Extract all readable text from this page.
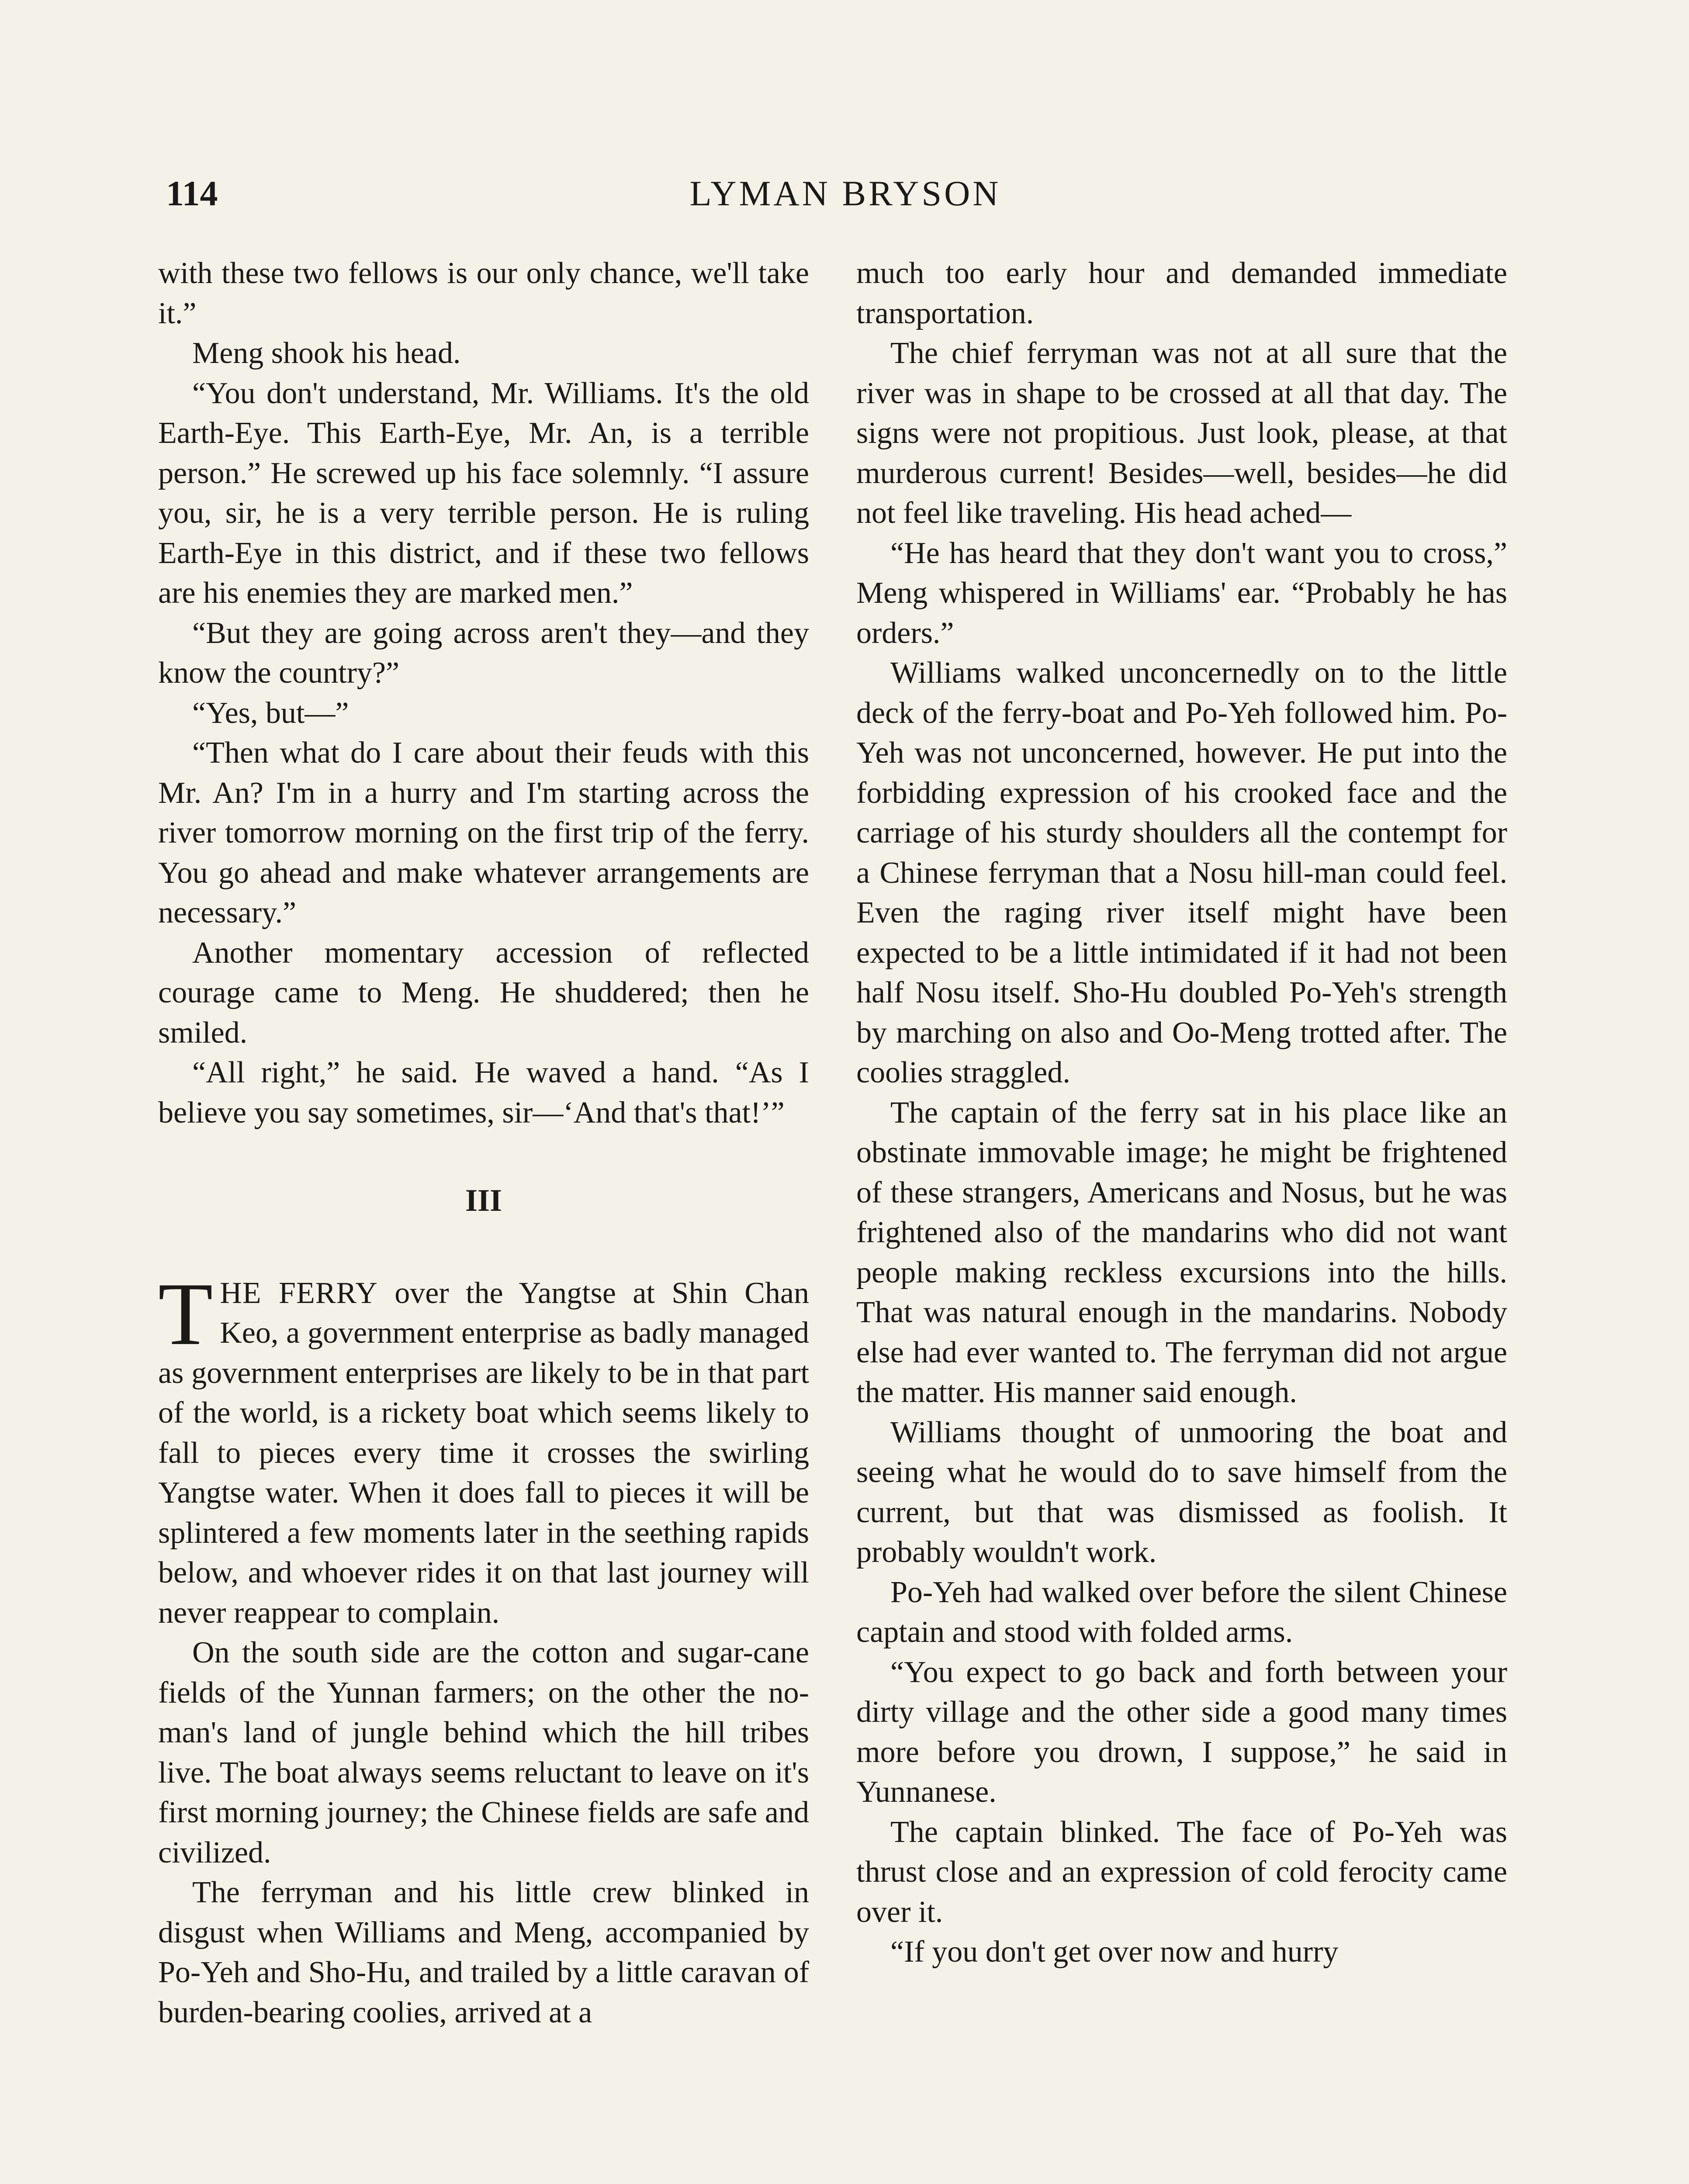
114	LYMAN BRYSON

with these two fellows is our only chance, we'll take it.”

Meng shook his head.

“You don't understand, Mr. Williams. It's the old Earth-Eye. This Earth-Eye, Mr. An, is a terrible person.” He screwed up his face solemnly. “I assure you, sir, he is a very terrible person. He is ruling Earth-Eye in this district, and if these two fellows are his enemies they are marked men.”

“But they are going across aren't they—and they know the country?”

“Yes, but—”

“Then what do I care about their feuds with this Mr. An? I'm in a hurry and I'm starting across the river tomorrow morning on the first trip of the ferry. You go ahead and make whatever arrangements are necessary.”

Another momentary accession of reflected courage came to Meng. He shuddered; then he smiled.

“All right,” he said. He waved a hand. “As I believe you say sometimes, sir—‘And that's that!’”

III

THE FERRY over the Yangtse at Shin Chan Keo, a government enterprise as badly managed as government enterprises are likely to be in that part of the world, is a rickety boat which seems likely to fall to pieces every time it crosses the swirling Yangtse water. When it does fall to pieces it will be splintered a few moments later in the seething rapids below, and whoever rides it on that last journey will never reappear to complain.

On the south side are the cotton and sugar-cane fields of the Yunnan farmers; on the other the no-man's land of jungle behind which the hill tribes live. The boat always seems reluctant to leave on it's first morning journey; the Chinese fields are safe and civilized.

The ferryman and his little crew blinked in disgust when Williams and Meng, accompanied by Po-Yeh and Sho-Hu, and trailed by a little caravan of burden-bearing coolies, arrived at a

much too early hour and demanded immediate transportation.

The chief ferryman was not at all sure that the river was in shape to be crossed at all that day. The signs were not propitious. Just look, please, at that murderous current! Besides—well, besides—he did not feel like traveling. His head ached—

“He has heard that they don't want you to cross,” Meng whispered in Williams' ear. “Probably he has orders.”

Williams walked unconcernedly on to the little deck of the ferry-boat and Po-Yeh followed him. Po-Yeh was not unconcerned, however. He put into the forbidding expression of his crooked face and the carriage of his sturdy shoulders all the contempt for a Chinese ferryman that a Nosu hill-man could feel. Even the raging river itself might have been expected to be a little intimidated if it had not been half Nosu itself. Sho-Hu doubled Po-Yeh's strength by marching on also and Oo-Meng trotted after. The coolies straggled.

The captain of the ferry sat in his place like an obstinate immovable image; he might be frightened of these strangers, Americans and Nosus, but he was frightened also of the mandarins who did not want people making reckless excursions into the hills. That was natural enough in the mandarins. Nobody else had ever wanted to. The ferryman did not argue the matter. His manner said enough.

Williams thought of unmooring the boat and seeing what he would do to save himself from the current, but that was dismissed as foolish. It probably wouldn't work.

Po-Yeh had walked over before the silent Chinese captain and stood with folded arms.

“You expect to go back and forth between your dirty village and the other side a good many times more before you drown, I suppose,” he said in Yunnanese.

The captain blinked. The face of Po-Yeh was thrust close and an expression of cold ferocity came over it.

“If you don't get over now and hurry
